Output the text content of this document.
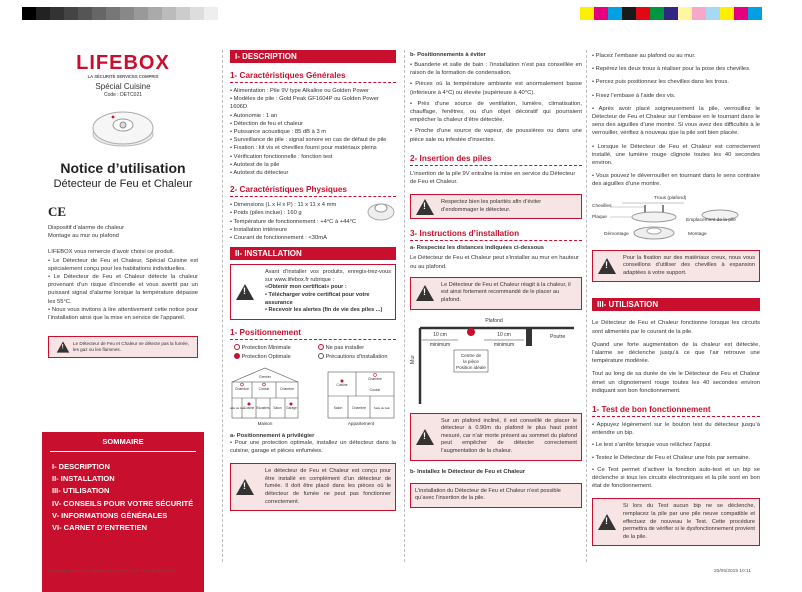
LIFEBOX
LA SÉCURITÉ SERVICES COMPRIS
Spécial Cuisine
Code : DETC021
Notice d’utilisation
Détecteur de Feu et Chaleur
CE

Dispositif d’alarme de chaleur

Montage au mur ou plafond

LIFEBOX vous remercie d’avoir choisi ce produit.

• Le Détecteur de Feu et Chaleur, Spécial Cuisine est spécialement conçu pour les habitations individuelles.

• Le Détecteur de Feu et Chaleur détecte la chaleur provenant d’un risque d’incendie et vous avertit par un puissant signal d’alarme lorsque la température dépasse les 55°C.

• Nous vous invitons à lire attentivement cette notice pour l’installation ainsi que la mise en service de l’appareil.

!
Le Détecteur de Feu et Chaleur ne détecte pas la fumée, les gaz ou les flammes.
SOMMAIRE
I- DESCRIPTION
II- INSTALLATION
III- UTILISATION
IV- CONSEILS POUR VOTRE SÉCURITÉ
V- INFORMATIONS GÉNÉRALES
VI- CARNET D’ENTRETIEN
I- DESCRIPTION
1- Caractéristiques Générales

• Alimentation : Pile 9V type Alkaline ou Golden Power

• Modèles de pile : Gold Peak GF1604P ou Golden Power 1606D

• Autonomie : 1 an

• Détection de feu et chaleur

• Puissance acoustique : 85 dB à 3 m

• Surveillance de pile : signal sonore en cas de défaut de pile

• Fixation : kit vis et chevilles fourni pour matériaux pleins

• Vérification fonctionnelle : fonction test

• Autotest de la pile

• Autotest du détecteur

2- Caractéristiques Physiques

• Dimensions (L x H x P) : 11 x 11 x 4 mm

• Poids (piles inclue) : 160 g

• Température de fonctionnement : +4°C à +44°C

• Installation intérieure

• Courant de fonctionnement : <30mA

II- INSTALLATION
!
Avant d’installer vos produits, enregis-trez-vous sur www.lifebox.fr rubrique :
«Obtenir mon certificat» pour :
• Télécharger votre certificat pour votre assurance
• Recevoir les alertes (fin de vie des piles ...)
1- Positionnement
Protection Minimale	Ne pas installer
Protection Optimale	Précautions d’installation
Grenier
Chambre	Couloir	Chambre
Salle de bain
Cuisine Escaliers Salon Garage
Maison
Cuisine
Chambre
Couloir
Salon	Chambre	Salle de bain
Appartement
a- Positionnement à privilégier

• Pour une protection optimale, installez un détecteur dans la cuisine, garage et pièces enfumées.

!
Le détecteur de Feu et Chaleur est conçu pour être installé en complément d’un détecteur de fumée. Il doit être placé dans les pièces où le détecteur de fumée ne peut pas fonctionner correctement.
b- Positionnements à éviter

• Buanderie et salle de bain : l’installation n’est pas conseillée en raison de la formation de condensation.

• Pièces où la température ambiante est anormalement basse (inférieure à 4°C) ou élevée (supérieure à 40°C).

• Près d’une source de ventilation, lumière, climatisation, chauffage, fenêtres, ou d’un objet décoratif qui pourraient empêcher la chaleur d’être détectée.

• Proche d’une source de vapeur, de poussières ou dans une pièce sale ou infestée d’insectes.

2- Insertion des piles

L’insertion de la pile 9V entraîne la mise en service du Détecteur de Feu et Chaleur.

!
Respectez bien les polarités afin d’éviter d’endommager le détecteur.
3- Instructions d’installation
a- Respectez les distances indiquées ci-dessous

Le Détecteur de Feu et Chaleur peut s’installer au mur en hauteur ou au plafond.

!
Le Détecteur de Feu et Chaleur réagit à la chaleur, il est ainsi fortement recommandé de le placer au plafond.
Plafond
Poutre
Mur
10 cm
minimum
10 cm
minimum
Centre de
la pièce
Position idéale
!
Sur un plafond incliné, il est conseillé de placer le détecteur à 0.90m du plafond le plus haut point mesuré, car n’air morte présent au sommet du plafond peut empêcher de détecter correctement l’augmentation de la chaleur.
b- Installez le Détecteur de Feu et Chaleur
L’installation du Détecteur de Feu et Chaleur n’est possible qu’avec l’insertion de la pile.

• Placez l’embase au plafond ou au mur.

• Repérez les deux trous à réaliser pour la pose des chevilles.

• Percez puis positionnez les chevilles dans les trous.

• Fixez l’embase à l’aide des vis.

• Après avoir placé soigneusement la pile, verrouillez le Détecteur de Feu et Chaleur sur l’embase en le tournant dans le sens des aiguilles d’une montre. Si vous avez des difficultés à le verrouiller, vérifiez à nouveau que la pile soit bien placée.

• Lorsque le Détecteur de Feu et Chaleur est correctement installé, une lumière rouge clignote toutes les 40 secondes environ.

• Vous pouvez le déverrouiller en tournant dans le sens contraire des aiguilles d’une montre.

Trous (plafond)
Chevilles
Plaque
Emplacement de la pile
Démontage	Montage
!
Pour la fixation sur des matériaux creux, nous vous conseillons d’utiliser des chevilles à expansion adaptées à votre support.
III- UTILISATION

Le Détecteur de Feu et Chaleur fonctionne lorsque les circuits sont alimentés par le courant de la pile.

Quand une forte augmentation de la chaleur est détectée, l’alarme se déclenche jusqu’à ce que l’air retrouve une température modérée.

Tout au long de sa durée de vie le Détecteur de Feu et Chaleur émet un clignotement rouge toutes les 40 secondes environ indiquant son bon fonctionnement.

1- Test de bon fonctionnement

• Appuyez légèrement sur le bouton test du détecteur jusqu’à entendre un bip.

• Le test s’arrête lorsque vous relâchez l’appui.

• Testez le Détecteur de Feu et Chaleur une fois par semaine.

• Ce Test permet d’activer la fonction auto-test et un bip se déclenche si tous les circuits électroniques et la pile sont en bon état de fonctionnement.

!
Si lors du Test aucun bip ne se déclenche, remplacez la pile par une pile neuve compatible et effectuez de nouveau le Test. Cette procédure permettra de vérifier si le dysfonctionnement provient de la pile.
LIFEBOX_NOTICE DETECTEUR FEU ET CHALEUR.indd 1	20/05/2015 10:11
